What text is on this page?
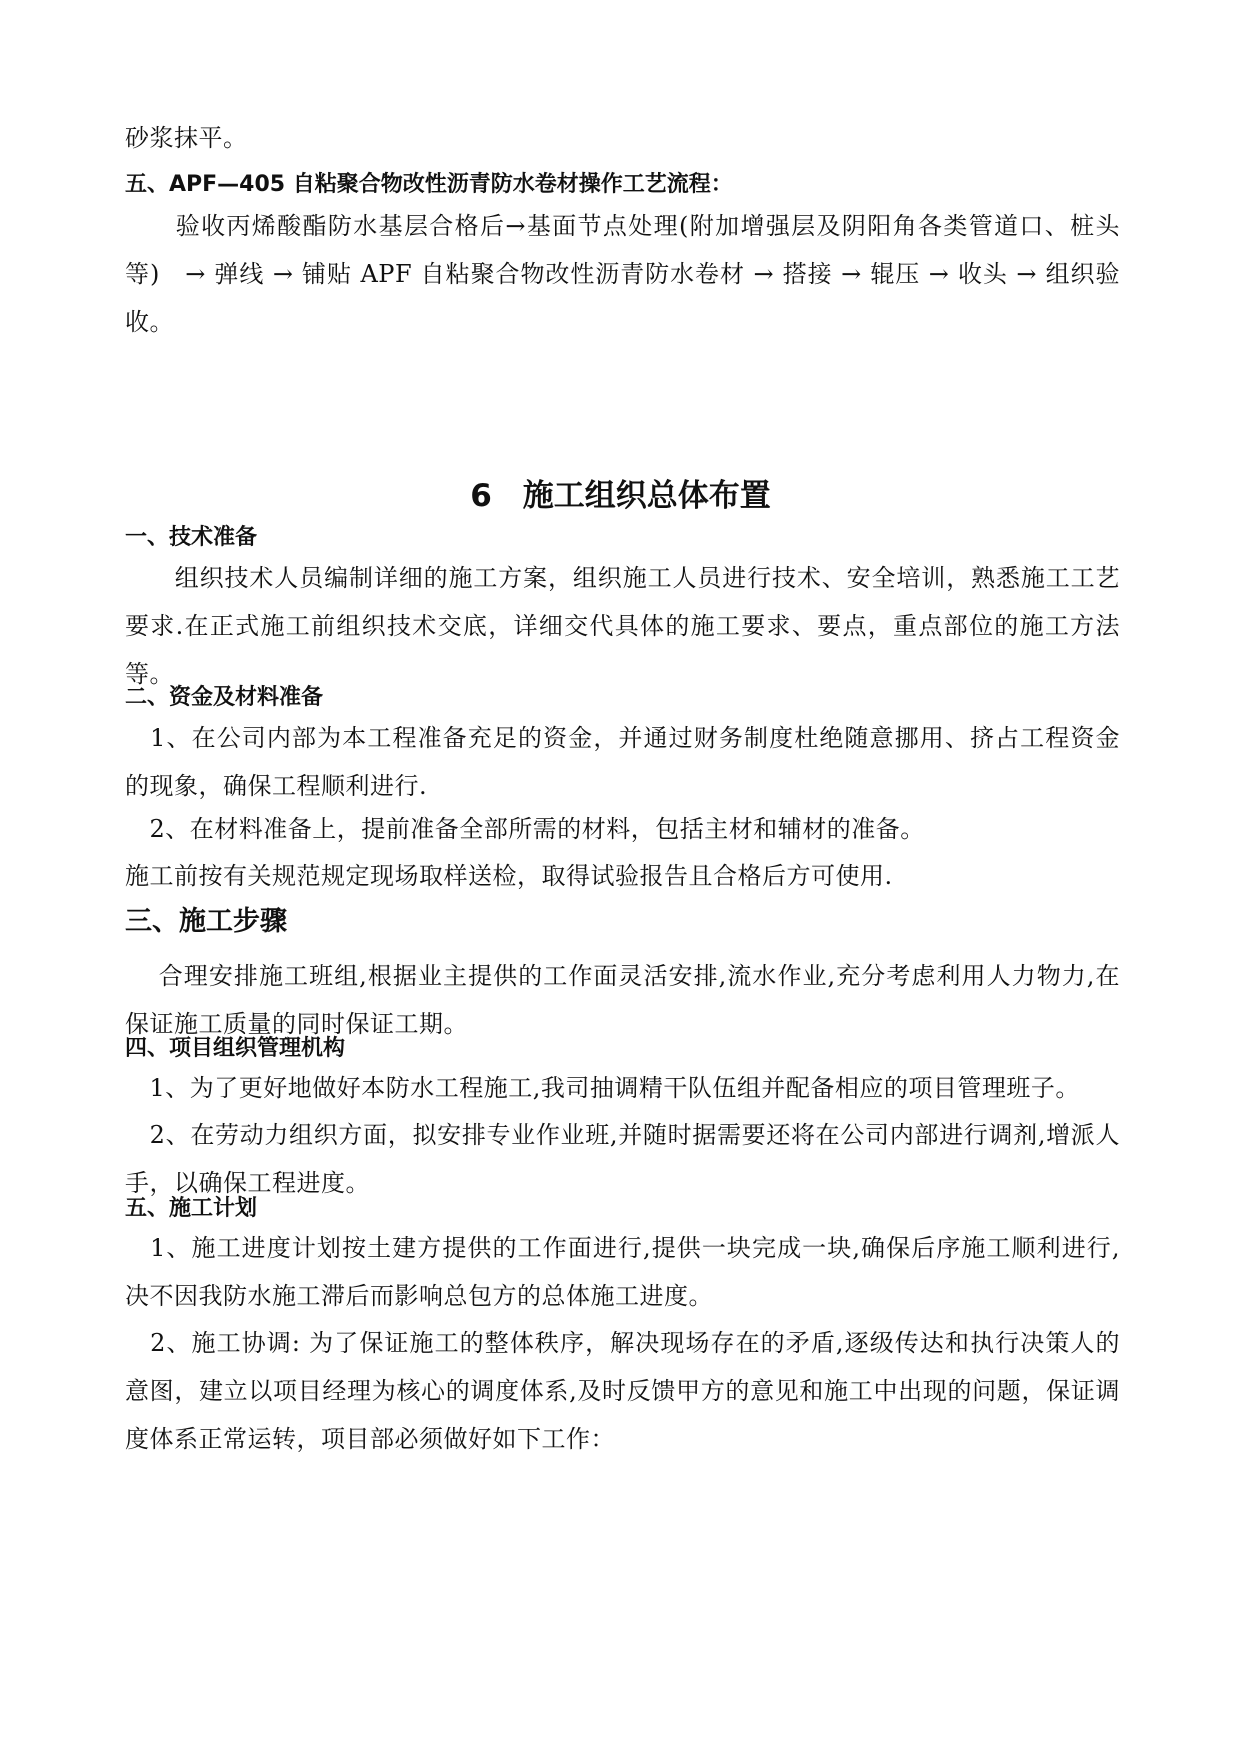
砂浆抹平。

五、APF—405 自粘聚合物改性沥青防水卷材操作工艺流程：

　　验收丙烯酸酯防水基层合格后→基面节点处理(附加增强层及阴阳角各类管道口、桩头等)　→ 弹线 → 铺贴 APF 自粘聚合物改性沥青防水卷材 → 搭接 → 辊压 → 收头 → 组织验收。

6　施工组织总体布置
一、技术准备

　　组织技术人员编制详细的施工方案，组织施工人员进行技术、安全培训，熟悉施工工艺要求.在正式施工前组织技术交底，详细交代具体的施工要求、要点，重点部位的施工方法等。

二、资金及材料准备

　1、在公司内部为本工程准备充足的资金，并通过财务制度杜绝随意挪用、挤占工程资金的现象，确保工程顺利进行.

　2、在材料准备上，提前准备全部所需的材料，包括主材和辅材的准备。

施工前按有关规范规定现场取样送检，取得试验报告且合格后方可使用.

三、施工步骤

　 合理安排施工班组,根据业主提供的工作面灵活安排,流水作业,充分考虑利用人力物力,在保证施工质量的同时保证工期。

四、项目组织管理机构

　1、为了更好地做好本防水工程施工,我司抽调精干队伍组并配备相应的项目管理班子。

　2、在劳动力组织方面，拟安排专业作业班,并随时据需要还将在公司内部进行调剂,增派人手，以确保工程进度。

五、施工计划

　1、施工进度计划按土建方提供的工作面进行,提供一块完成一块,确保后序施工顺利进行,决不因我防水施工滞后而影响总包方的总体施工进度。

　2、施工协调: 为了保证施工的整体秩序，解决现场存在的矛盾,逐级传达和执行决策人的意图，建立以项目经理为核心的调度体系,及时反馈甲方的意见和施工中出现的问题，保证调度体系正常运转，项目部必须做好如下工作：
